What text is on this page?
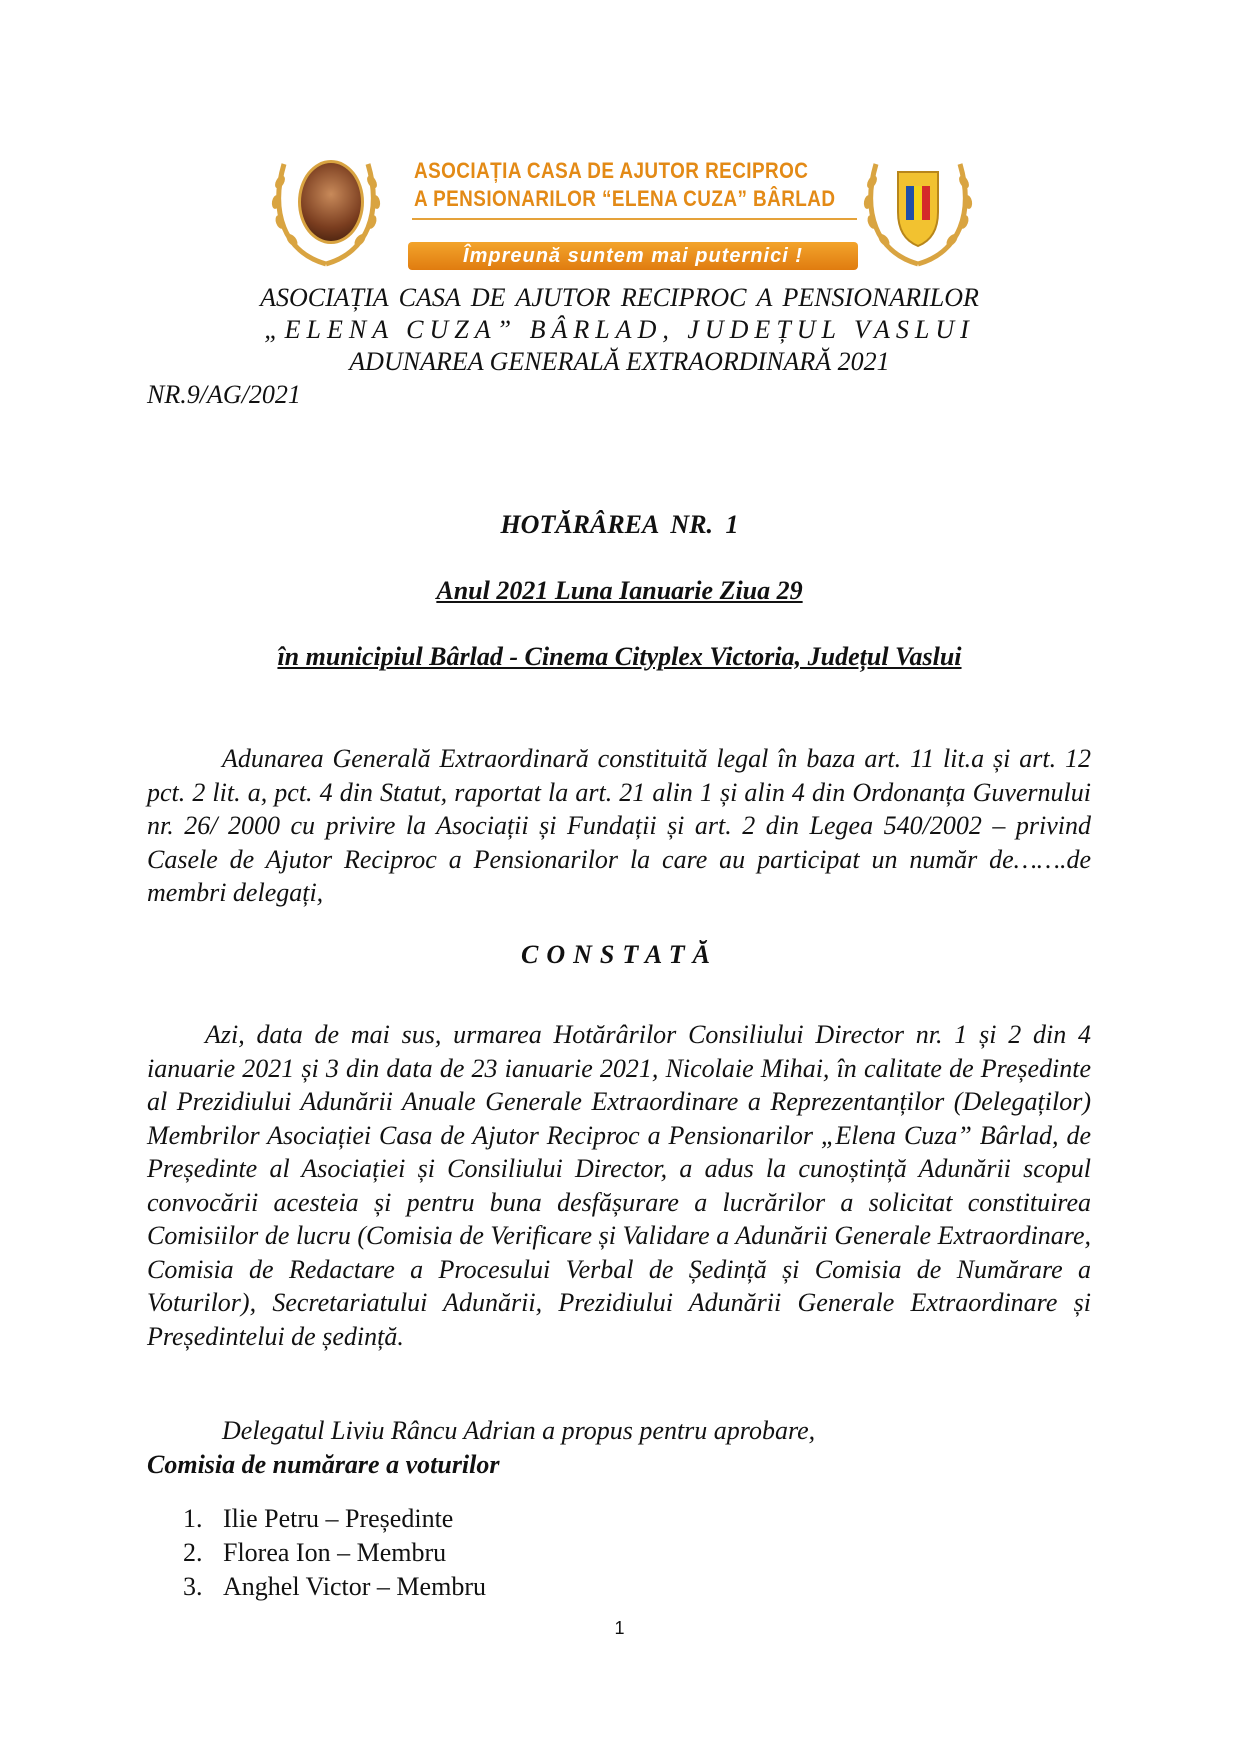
ASOCIAȚIA CASA DE AJUTOR RECIPROC
A PENSIONARILOR “ELENA CUZA” BÂRLAD
Împreună suntem mai puternici !
ASOCIAȚIA CASA DE AJUTOR RECIPROC A PENSIONARILOR
„ELENA CUZA” BÂRLAD, JUDEȚUL VASLUI
ADUNAREA GENERALĂ EXTRAORDINARĂ 2021
NR.9/AG/2021
HOTĂRÂREA NR. 1
Anul 2021 Luna Ianuarie Ziua 29
în municipiul Bârlad - Cinema Cityplex Victoria, Județul Vaslui

Adunarea Generală Extraordinară constituită legal în baza art. 11 lit.a și art. 12 pct. 2 lit. a, pct. 4 din Statut, raportat la art. 21 alin 1 și alin 4 din Ordonanța Guvernului nr. 26/ 2000 cu privire la Asociații și Fundații și art. 2 din Legea 540/2002 – privind Casele de Ajutor Reciproc a Pensionarilor la care au participat un număr de…….de membri delegați,

CONSTATĂ

Azi, data de mai sus, urmarea Hotărârilor Consiliului Director nr. 1 și 2 din 4 ianuarie 2021 și 3 din data de 23 ianuarie 2021, Nicolaie Mihai, în calitate de Președinte al Prezidiului Adunării Anuale Generale Extraordinare a Reprezentanților (Delegaților) Membrilor Asociației Casa de Ajutor Reciproc a Pensionarilor „Elena Cuza” Bârlad, de Președinte al Asociației și Consiliului Director, a adus la cunoștință Adunării scopul convocării acesteia și pentru buna desfășurare a lucrărilor a solicitat constituirea Comisiilor de lucru (Comisia de Verificare și Validare a Adunării Generale Extraordinare, Comisia de Redactare a Procesului Verbal de Ședință și Comisia de Numărare a Voturilor), Secretariatului Adunării, Prezidiului Adunării Generale Extraordinare și Președintelui de ședință.

Delegatul Liviu Râncu Adrian a propus pentru aprobare,
Comisia de numărare a voturilor
1. Ilie Petru – Președinte
2. Florea Ion – Membru
3. Anghel Victor – Membru
1
